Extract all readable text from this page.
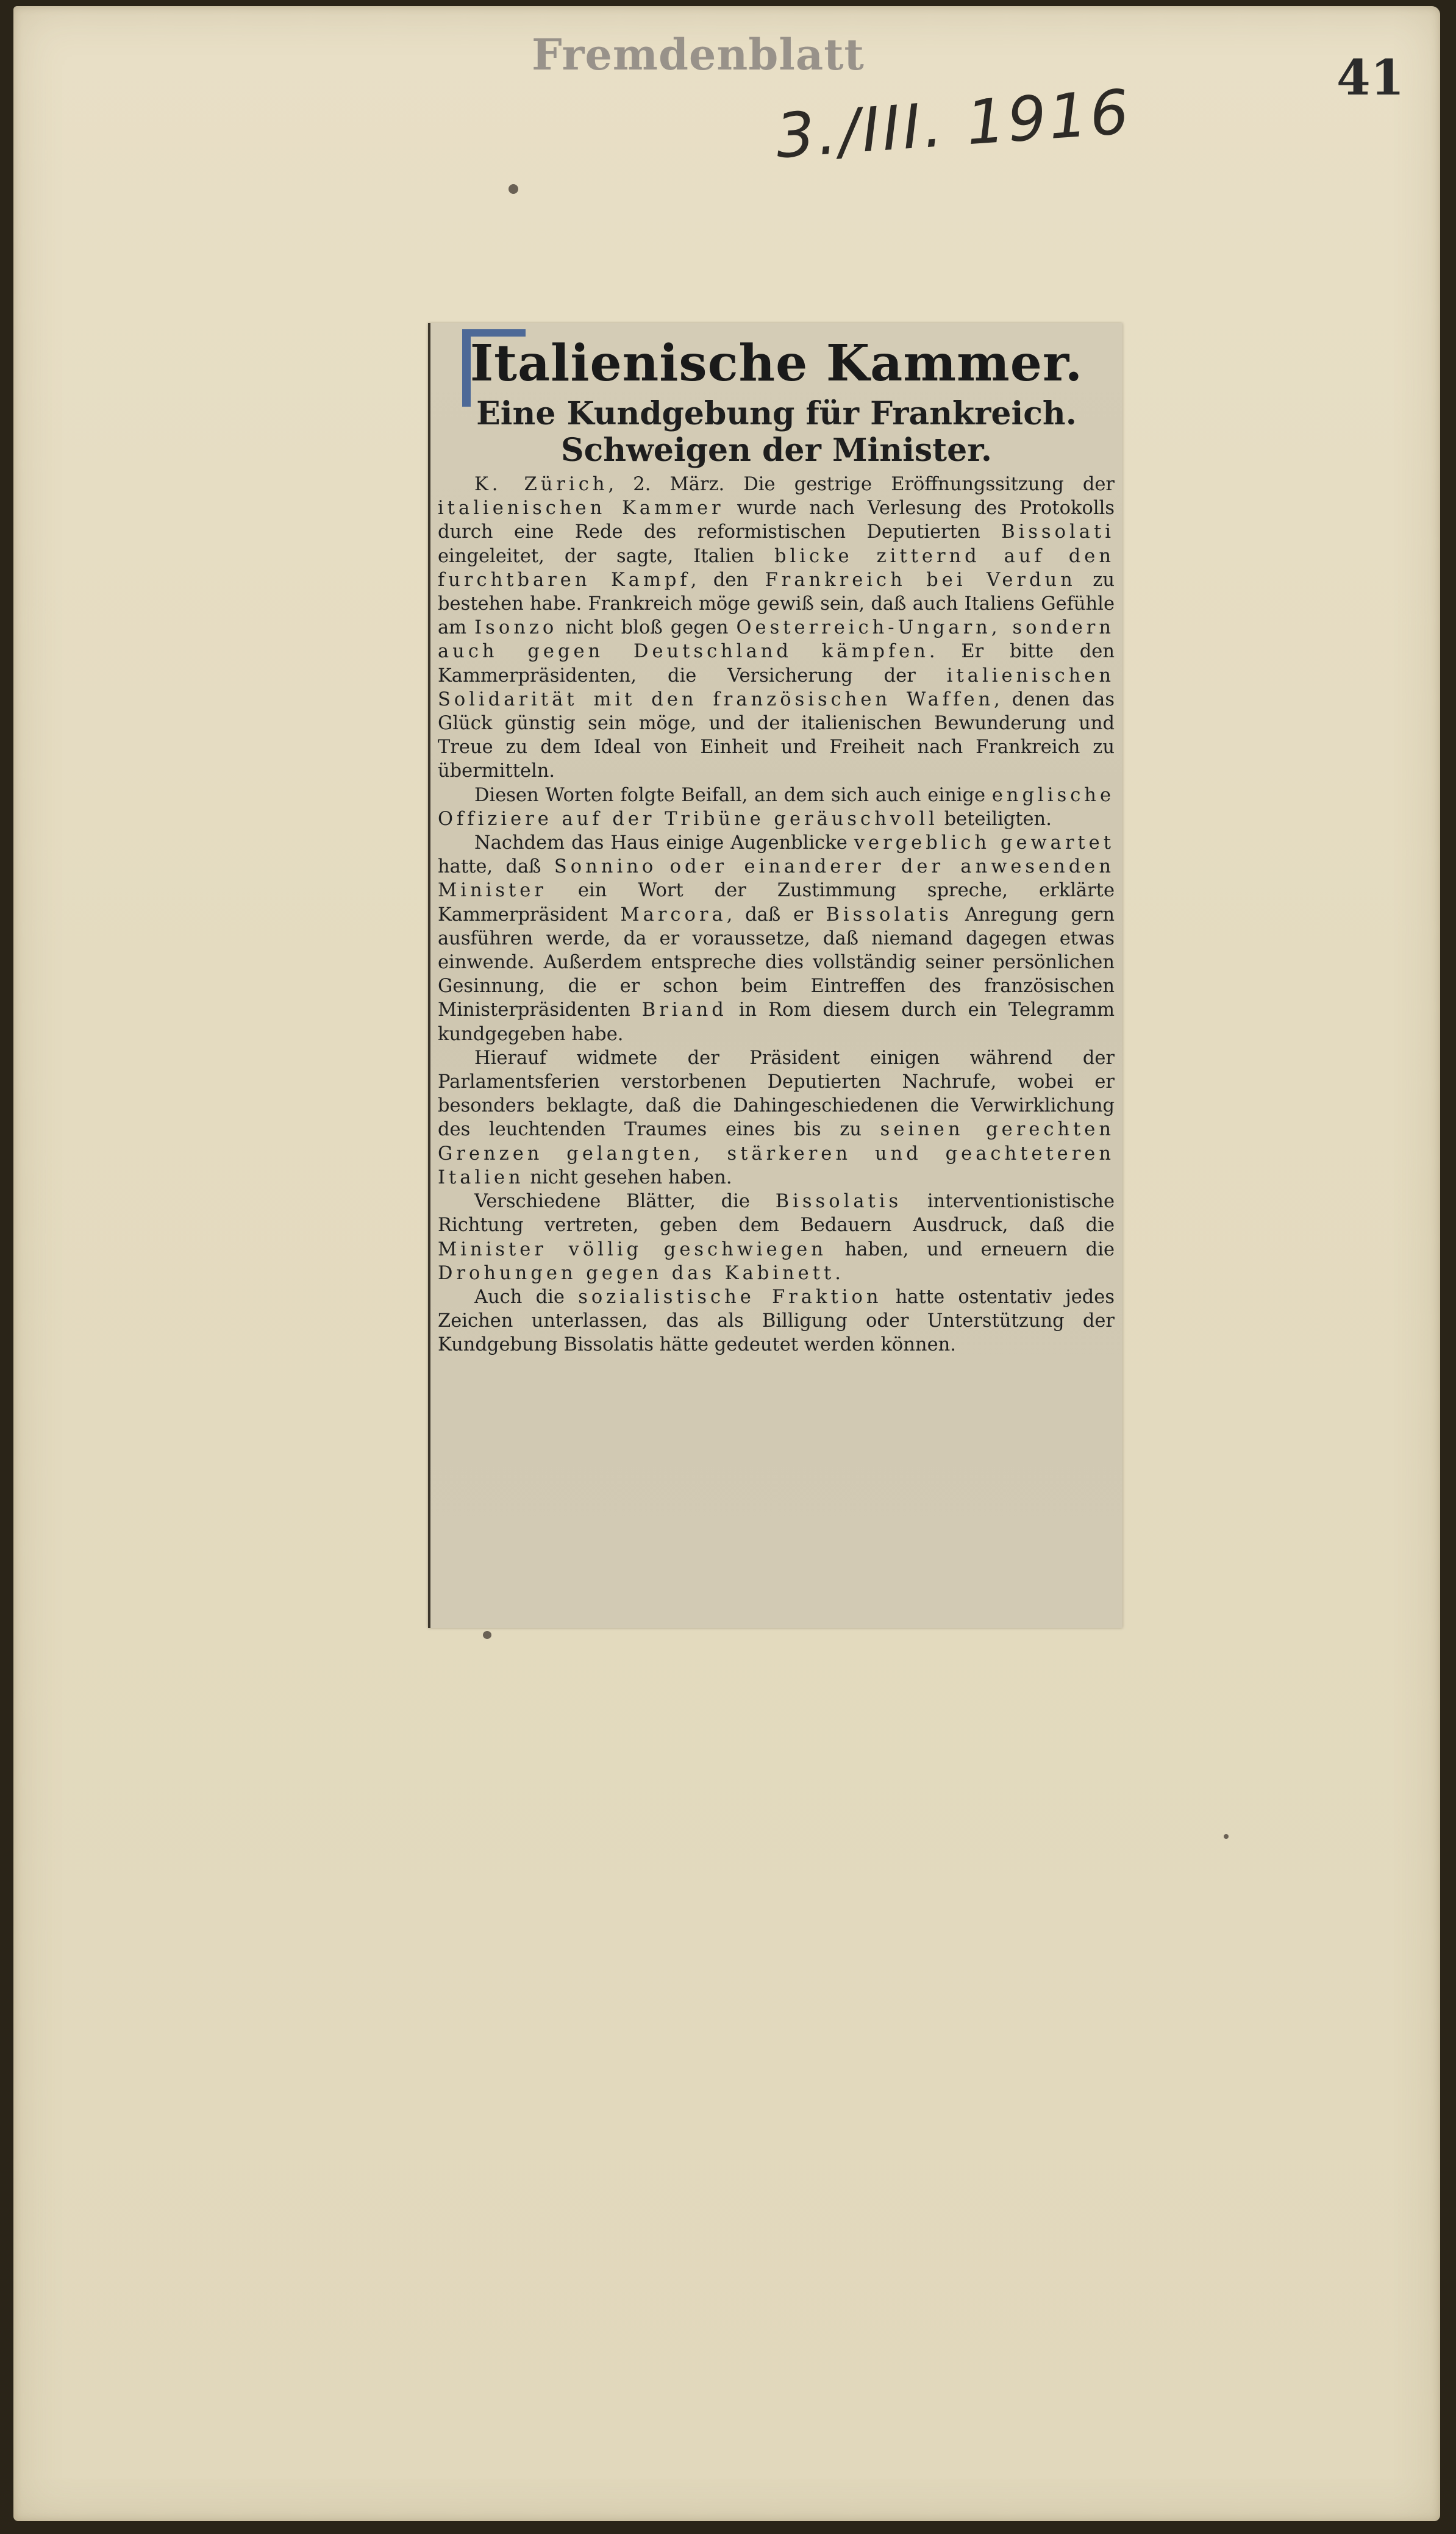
Fremdenblatt
3./III. 1916	41
Italienische Kammer.
Eine Kundgebung für Frankreich.
Schweigen der Minister.

K. Zürich, 2. März. Die gestrige Eröffnungssitzung der italienischen Kammer wurde nach Verlesung des Protokolls durch eine Rede des reformistischen Deputierten Bissolati eingeleitet, der sagte, Italien blicke zitternd auf den furchtbaren Kampf, den Frankreich bei Verdun zu bestehen habe. Frankreich möge gewiß sein, daß auch Italiens Gefühle am Isonzo nicht bloß gegen Oesterreich-Ungarn, sondern auch gegen Deutschland kämpfen. Er bitte den Kammerpräsidenten, die Versicherung der italienischen Solidarität mit den französischen Waffen, denen das Glück günstig sein möge, und der italienischen Bewunderung und Treue zu dem Ideal von Einheit und Freiheit nach Frankreich zu übermitteln.

Diesen Worten folgte Beifall, an dem sich auch einige englische Offiziere auf der Tribüne geräuschvoll beteiligten.

Nachdem das Haus einige Augenblicke vergeblich gewartet hatte, daß Sonnino oder einanderer der anwesenden Minister ein Wort der Zustimmung spreche, erklärte Kammerpräsident Marcora, daß er Bissolatis Anregung gern ausführen werde, da er voraussetze, daß niemand dagegen etwas einwende. Außerdem entspreche dies vollständig seiner persönlichen Gesinnung, die er schon beim Eintreffen des französischen Ministerpräsidenten Briand in Rom diesem durch ein Telegramm kundgegeben habe.

Hierauf widmete der Präsident einigen während der Parlamentsferien verstorbenen Deputierten Nachrufe, wobei er besonders beklagte, daß die Dahingeschiedenen die Verwirklichung des leuchtenden Traumes eines bis zu seinen gerechten Grenzen gelangten, stärkeren und geachteteren Italien nicht gesehen haben.

Verschiedene Blätter, die Bissolatis interventionistische Richtung vertreten, geben dem Bedauern Ausdruck, daß die Minister völlig geschwiegen haben, und erneuern die Drohungen gegen das Kabinett.

Auch die sozialistische Fraktion hatte ostentativ jedes Zeichen unterlassen, das als Billigung oder Unterstützung der Kundgebung Bissolatis hätte gedeutet werden können.
